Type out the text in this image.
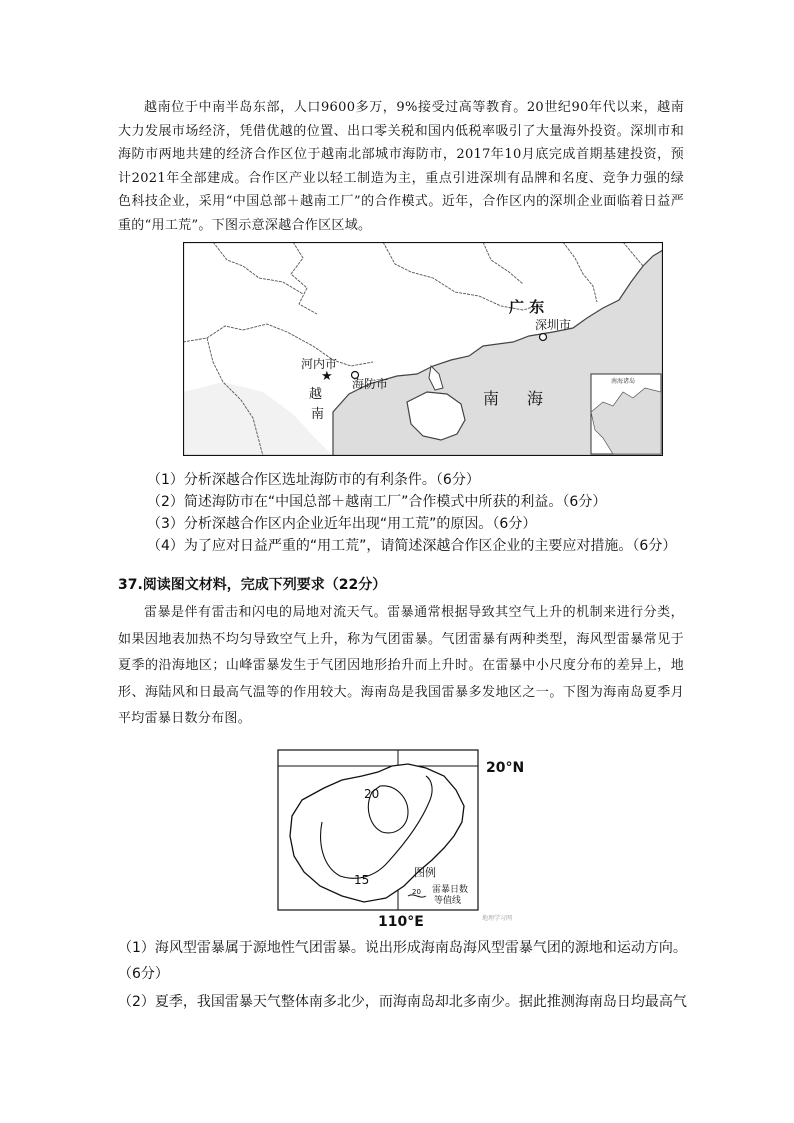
越南位于中南半岛东部，人口9600多万，9%接受过高等教育。20世纪90年代以来，越南大力发展市场经济，凭借优越的位置、出口零关税和国内低税率吸引了大量海外投资。深圳市和海防市两地共建的经济合作区位于越南北部城市海防市，2017年10月底完成首期基建投资，预计2021年全部建成。合作区产业以轻工制造为主，重点引进深圳有品牌和名度、竞争力强的绿色科技企业，采用“中国总部＋越南工厂”的合作模式。近年，合作区内的深圳企业面临着日益严重的“用工荒”。下图示意深越合作区区域。
南海诸岛
广 东
深圳市
河内市
★ 海防市
越
南
南 海
（1）分析深越合作区选址海防市的有利条件。（6分）
（2）简述海防市在“中国总部＋越南工厂”合作模式中所获的利益。（6分）
（3）分析深越合作区内企业近年出现“用工荒”的原因。（6分）
（4）为了应对日益严重的“用工荒”，请简述深越合作区企业的主要应对措施。（6分）
37.阅读图文材料，完成下列要求（22分）
雷暴是伴有雷击和闪电的局地对流天气。雷暴通常根据导致其空气上升的机制来进行分类，如果因地表加热不均匀导致空气上升，称为气团雷暴。气团雷暴有两种类型，海风型雷暴常见于夏季的沿海地区；山峰雷暴发生于气团因地形抬升而上升时。在雷暴中小尺度分布的差异上，地形、海陆风和日最高气温等的作用较大。海南岛是我国雷暴多发地区之一。下图为海南岛夏季月平均雷暴日数分布图。
20°N
110°E
20
15
图例
20 雷暴日数
等值线
地理学习网
（1）海风型雷暴属于源地性气团雷暴。说出形成海南岛海风型雷暴气团的源地和运动方向。
（6分）
（2）夏季，我国雷暴天气整体南多北少，而海南岛却北多南少。据此推测海南岛日均最高气
